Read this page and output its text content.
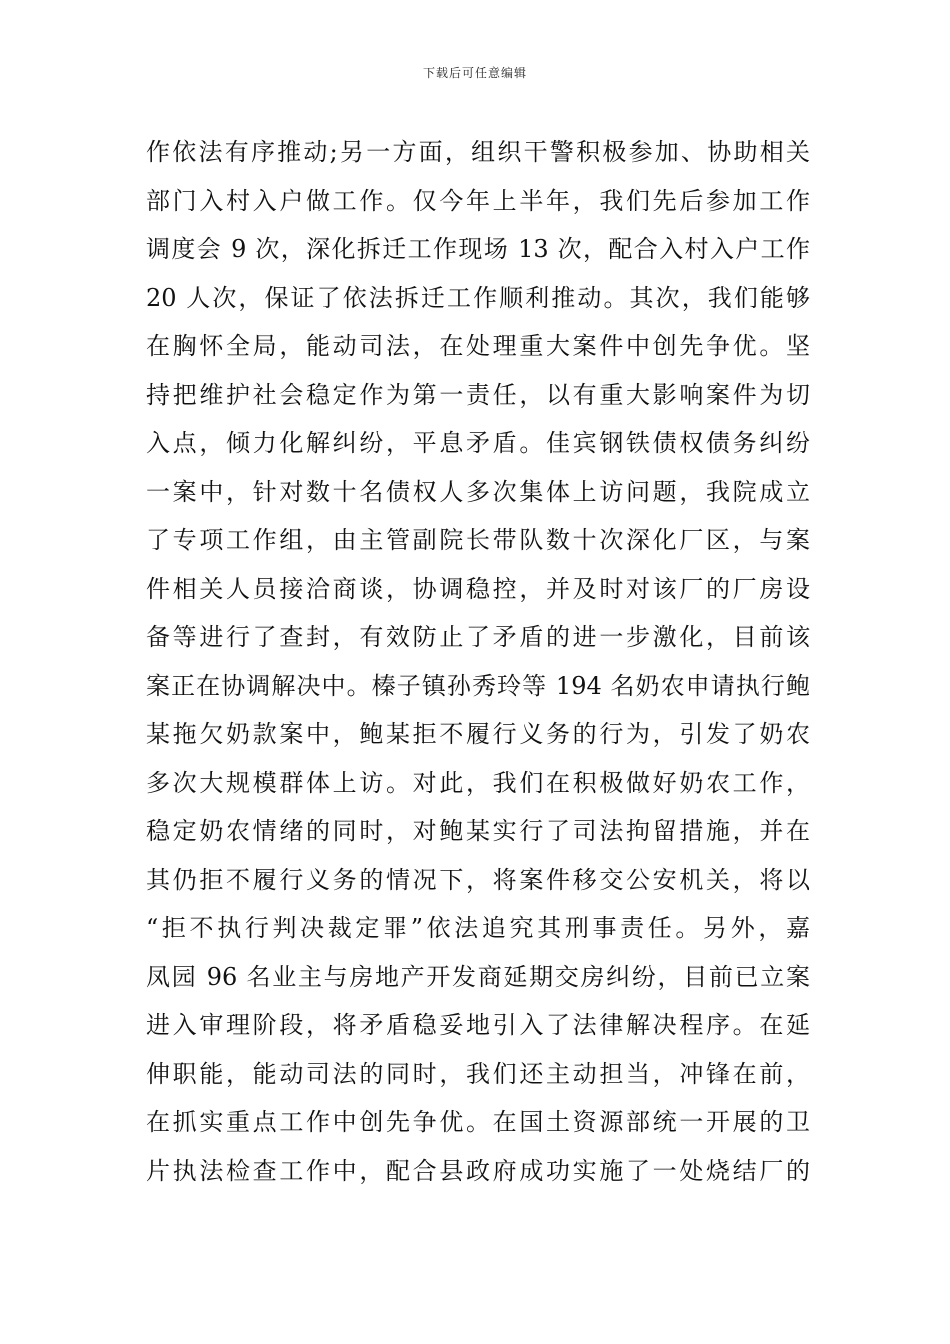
下载后可任意编辑
作依法有序推动;另一方面，组织干警积极参加、协助相关
部门入村入户做工作。仅今年上半年，我们先后参加工作
调度会 9 次，深化拆迁工作现场 13 次，配合入村入户工作
20 人次，保证了依法拆迁工作顺利推动。其次，我们能够
在胸怀全局，能动司法，在处理重大案件中创先争优。坚
持把维护社会稳定作为第一责任，以有重大影响案件为切
入点，倾力化解纠纷，平息矛盾。佳宾钢铁债权债务纠纷
一案中，针对数十名债权人多次集体上访问题，我院成立
了专项工作组，由主管副院长带队数十次深化厂区，与案
件相关人员接洽商谈，协调稳控，并及时对该厂的厂房设
备等进行了查封，有效防止了矛盾的进一步激化，目前该
案正在协调解决中。榛子镇孙秀玲等 194 名奶农申请执行鲍
某拖欠奶款案中，鲍某拒不履行义务的行为，引发了奶农
多次大规模群体上访。对此，我们在积极做好奶农工作，
稳定奶农情绪的同时，对鲍某实行了司法拘留措施，并在
其仍拒不履行义务的情况下，将案件移交公安机关，将以
“拒不执行判决裁定罪”依法追究其刑事责任。另外，嘉
凤园 96 名业主与房地产开发商延期交房纠纷，目前已立案
进入审理阶段，将矛盾稳妥地引入了法律解决程序。在延
伸职能，能动司法的同时，我们还主动担当，冲锋在前，
在抓实重点工作中创先争优。在国土资源部统一开展的卫
片执法检查工作中，配合县政府成功实施了一处烧结厂的
